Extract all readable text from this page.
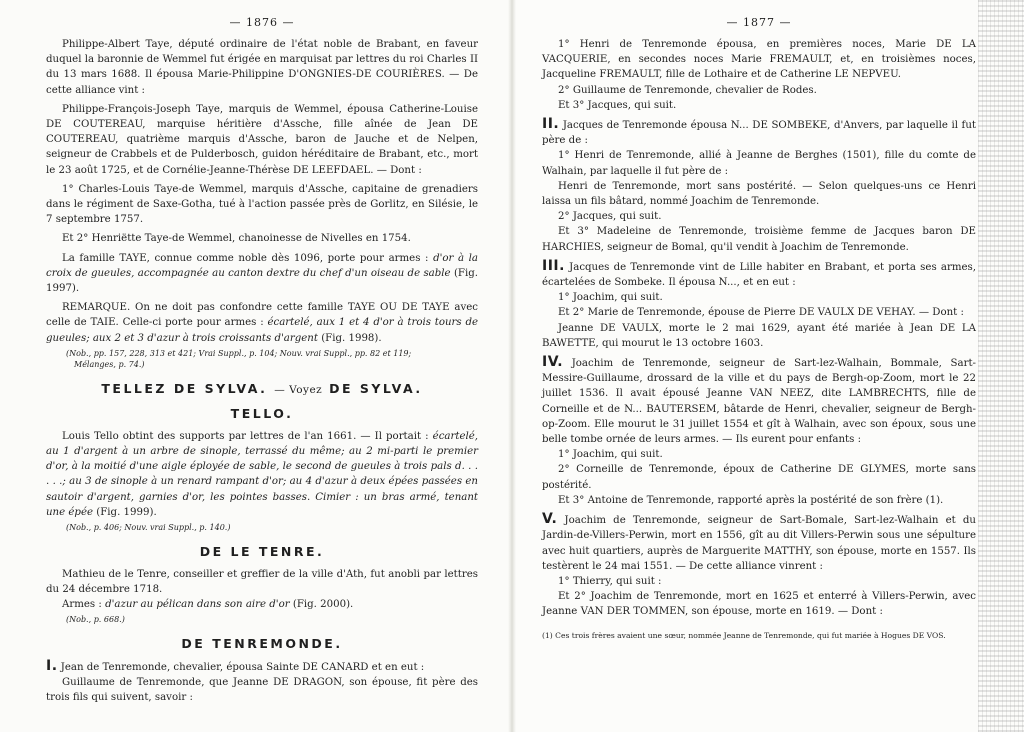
— 1876 —

Philippe-Albert Taye, député ordinaire de l'état noble de Brabant, en faveur duquel la baronnie de Wemmel fut érigée en marquisat par lettres du roi Charles II du 13 mars 1688. Il épousa Marie-Philippine D'ONGNIES-DE COURIÈRES. — De cette alliance vint :

Philippe-François-Joseph Taye, marquis de Wemmel, épousa Catherine-Louise DE COUTEREAU, marquise héritière d'Assche, fille aînée de Jean DE COUTEREAU, quatrième marquis d'Assche, baron de Jauche et de Nelpen, seigneur de Crabbels et de Pulderbosch, guidon héréditaire de Brabant, etc., mort le 23 août 1725, et de Cornélie-Jeanne-Thérèse DE LEEFDAEL. — Dont :

1° Charles-Louis Taye-de Wemmel, marquis d'Assche, capitaine de grenadiers dans le régiment de Saxe-Gotha, tué à l'action passée près de Gorlitz, en Silésie, le 7 septembre 1757.

Et 2° Henriëtte Taye-de Wemmel, chanoinesse de Nivelles en 1754.

La famille TAYE, connue comme noble dès 1096, porte pour armes : d'or à la croix de gueules, accompagnée au canton dextre du chef d'un oiseau de sable (Fig. 1997).

REMARQUE. On ne doit pas confondre cette famille TAYE OU DE TAYE avec celle de TAIE. Celle-ci porte pour armes : écartelé, aux 1 et 4 d'or à trois tours de gueules; aux 2 et 3 d'azur à trois croissants d'argent (Fig. 1998).

(Nob., pp. 157, 228, 313 et 421; Vrai Suppl., p. 104; Nouv. vrai Suppl., pp. 82 et 119;

Mélanges, p. 74.)

TELLEZ DE SYLVA. — Voyez DE SYLVA.
TELLO.

Louis Tello obtint des supports par lettres de l'an 1661. — Il portait : écartelé, au 1 d'argent à un arbre de sinople, terrassé du même; au 2 mi-parti le premier d'or, à la moitié d'une aigle éployée de sable, le second de gueules à trois pals d. . . . . .; au 3 de sinople à un renard rampant d'or; au 4 d'azur à deux épées passées en sautoir d'argent, garnies d'or, les pointes basses. Cimier : un bras armé, tenant une épée (Fig. 1999).

(Nob., p. 406; Nouv. vrai Suppl., p. 140.)

DE LE TENRE.

Mathieu de le Tenre, conseiller et greffier de la ville d'Ath, fut anobli par lettres du 24 décembre 1718.

Armes : d'azur au pélican dans son aire d'or (Fig. 2000).

(Nob., p. 668.)

DE TENREMONDE.

I. Jean de Tenremonde, chevalier, épousa Sainte DE CANARD et en eut :

Guillaume de Tenremonde, que Jeanne DE DRAGON, son épouse, fit père des trois fils qui suivent, savoir :

— 1877 —

1° Henri de Tenremonde épousa, en premières noces, Marie DE LA VACQUERIE, en secondes noces Marie FREMAULT, et, en troisièmes noces, Jacqueline FREMAULT, fille de Lothaire et de Catherine LE NEPVEU.

2° Guillaume de Tenremonde, chevalier de Rodes.

Et 3° Jacques, qui suit.

II. Jacques de Tenremonde épousa N... DE SOMBEKE, d'Anvers, par laquelle il fut père de :

1° Henri de Tenremonde, allié à Jeanne de Berghes (1501), fille du comte de Walhain, par laquelle il fut père de :

Henri de Tenremonde, mort sans postérité. — Selon quelques-uns ce Henri laissa un fils bâtard, nommé Joachim de Tenremonde.

2° Jacques, qui suit.

Et 3° Madeleine de Tenremonde, troisième femme de Jacques baron DE HARCHIES, seigneur de Bomal, qu'il vendit à Joachim de Tenremonde.

III. Jacques de Tenremonde vint de Lille habiter en Brabant, et porta ses armes, écartelées de Sombeke. Il épousa N..., et en eut :

1° Joachim, qui suit.

Et 2° Marie de Tenremonde, épouse de Pierre DE VAULX DE VEHAY. — Dont :

Jeanne DE VAULX, morte le 2 mai 1629, ayant été mariée à Jean DE LA BAWETTE, qui mourut le 13 octobre 1603.

IV. Joachim de Tenremonde, seigneur de Sart-lez-Walhain, Bommale, Sart-Messire-Guillaume, drossard de la ville et du pays de Bergh-op-Zoom, mort le 22 juillet 1536. Il avait épousé Jeanne VAN NEEZ, dite LAMBRECHTS, fille de Corneille et de N... BAUTERSEM, bâtarde de Henri, chevalier, seigneur de Bergh-op-Zoom. Elle mourut le 31 juillet 1554 et gît à Walhain, avec son époux, sous une belle tombe ornée de leurs armes. — Ils eurent pour enfants :

1° Joachim, qui suit.

2° Corneille de Tenremonde, époux de Catherine DE GLYMES, morte sans postérité.

Et 3° Antoine de Tenremonde, rapporté après la postérité de son frère (1).

V. Joachim de Tenremonde, seigneur de Sart-Bomale, Sart-lez-Walhain et du Jardin-de-Villers-Perwin, mort en 1556, gît au dit Villers-Perwin sous une sépulture avec huit quartiers, auprès de Marguerite MATTHY, son épouse, morte en 1557. Ils testèrent le 24 mai 1551. — De cette alliance vinrent :

1° Thierry, qui suit :

Et 2° Joachim de Tenremonde, mort en 1625 et enterré à Villers-Perwin, avec Jeanne VAN DER TOMMEN, son épouse, morte en 1619. — Dont :

(1) Ces trois frères avaient une sœur, nommée Jeanne de Tenremonde, qui fut mariée à Hogues DE VOS.
